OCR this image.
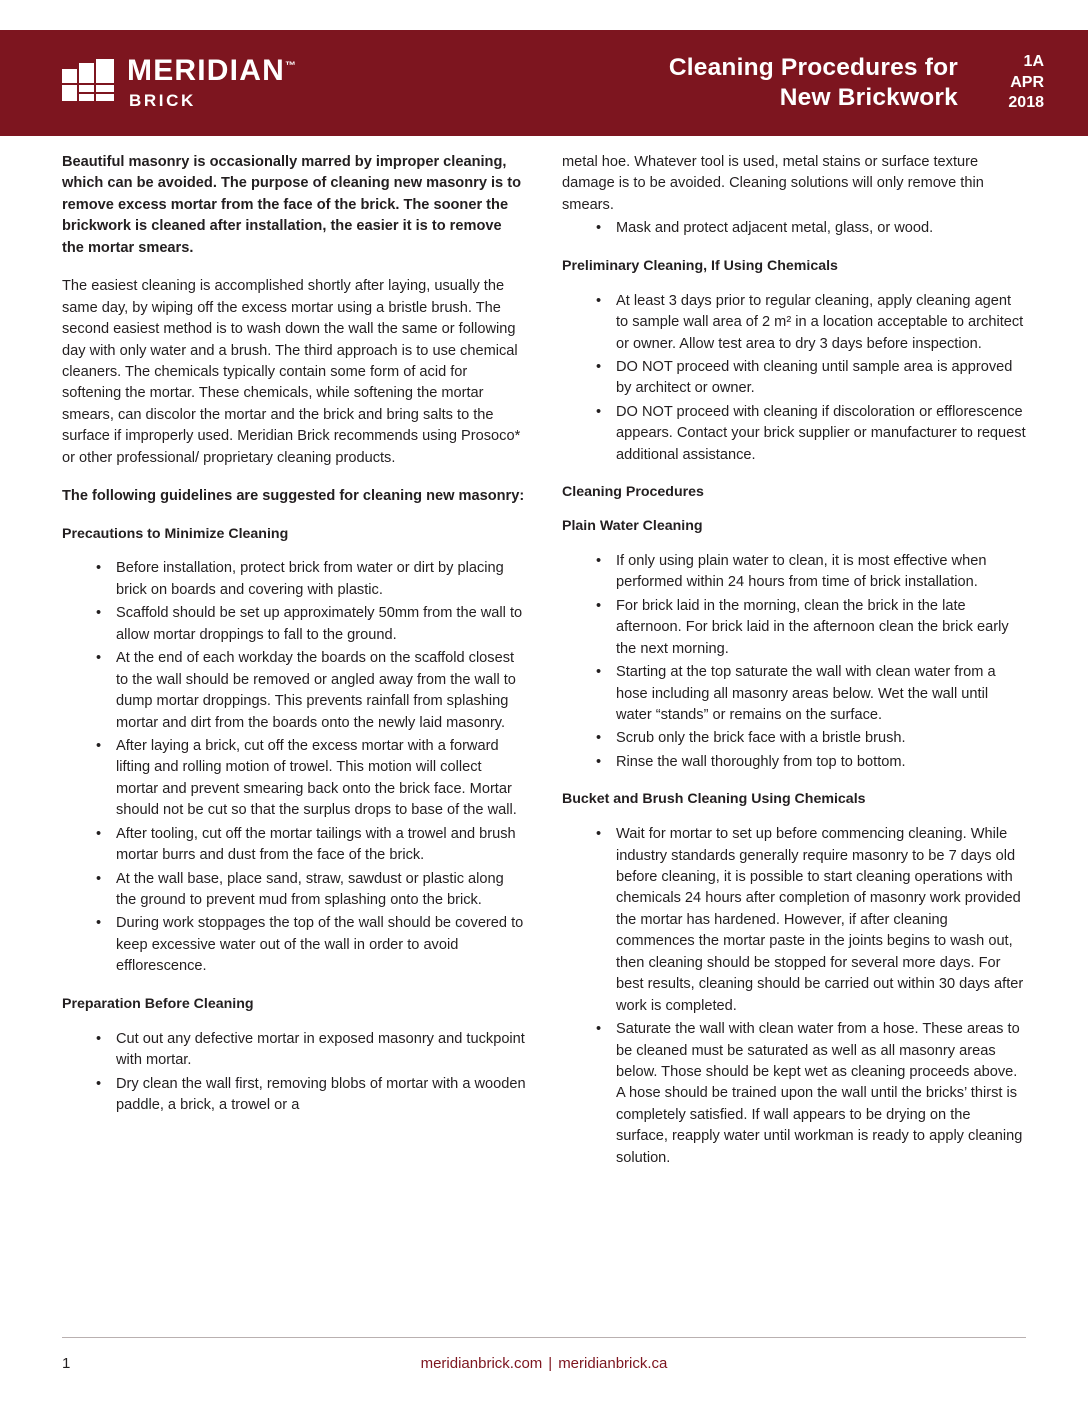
MERIDIAN™
BRICK
Cleaning Procedures for
New Brickwork
1A
APR
2018

Beautiful masonry is occasionally marred by improper cleaning, which can be avoided. The purpose of cleaning new masonry is to remove excess mortar from the face of the brick. The sooner the brickwork is cleaned after installation, the easier it is to remove the mortar smears.

The easiest cleaning is accomplished shortly after laying, usually the same day, by wiping off the excess mortar using a bristle brush. The second easiest method is to wash down the wall the same or following day with only water and a brush. The third approach is to use chemical cleaners. The chemicals typically contain some form of acid for softening the mortar. These chemicals, while softening the mortar smears, can discolor the mortar and the brick and bring salts to the surface if improperly used. Meridian Brick recommends using Prosoco* or other professional/ proprietary cleaning products.

The following guidelines are suggested for cleaning new masonry:

Precautions to Minimize Cleaning

• Before installation, protect brick from water or dirt by placing brick on boards and covering with plastic.
• Scaffold should be set up approximately 50mm from the wall to allow mortar droppings to fall to the ground.
• At the end of each workday the boards on the scaffold closest to the wall should be removed or angled away from the wall to dump mortar droppings. This prevents rainfall from splashing mortar and dirt from the boards onto the newly laid masonry.
• After laying a brick, cut off the excess mortar with a forward lifting and rolling motion of trowel. This motion will collect mortar and prevent smearing back onto the brick face. Mortar should not be cut so that the surplus drops to base of the wall.
• After tooling, cut off the mortar tailings with a trowel and brush mortar burrs and dust from the face of the brick.
• At the wall base, place sand, straw, sawdust or plastic along the ground to prevent mud from splashing onto the brick.
• During work stoppages the top of the wall should be covered to keep excessive water out of the wall in order to avoid efflorescence.

Preparation Before Cleaning

• Cut out any defective mortar in exposed masonry and tuckpoint with mortar.
• Dry clean the wall first, removing blobs of mortar with a wooden paddle, a brick, a trowel or a

metal hoe. Whatever tool is used, metal stains or surface texture damage is to be avoided. Cleaning solutions will only remove thin smears.

• Mask and protect adjacent metal, glass, or wood.

Preliminary Cleaning, If Using Chemicals

• At least 3 days prior to regular cleaning, apply cleaning agent to sample wall area of 2 m² in a location acceptable to architect or owner. Allow test area to dry 3 days before inspection.
• DO NOT proceed with cleaning until sample area is approved by architect or owner.
• DO NOT proceed with cleaning if discoloration or efflorescence appears. Contact your brick supplier or manufacturer to request additional assistance.

Cleaning Procedures

Plain Water Cleaning

• If only using plain water to clean, it is most effective when performed within 24 hours from time of brick installation.
• For brick laid in the morning, clean the brick in the late afternoon. For brick laid in the afternoon clean the brick early the next morning.
• Starting at the top saturate the wall with clean water from a hose including all masonry areas below. Wet the wall until water “stands” or remains on the surface.
• Scrub only the brick face with a bristle brush.
• Rinse the wall thoroughly from top to bottom.

Bucket and Brush Cleaning Using Chemicals

• Wait for mortar to set up before commencing cleaning. While industry standards generally require masonry to be 7 days old before cleaning, it is possible to start cleaning operations with chemicals 24 hours after completion of masonry work provided the mortar has hardened. However, if after cleaning commences the mortar paste in the joints begins to wash out, then cleaning should be stopped for several more days. For best results, cleaning should be carried out within 30 days after work is completed.
• Saturate the wall with clean water from a hose. These areas to be cleaned must be saturated as well as all masonry areas below. Those should be kept wet as cleaning proceeds above. A hose should be trained upon the wall until the bricks’ thirst is completely satisfied. If wall appears to be drying on the surface, reapply water until workman is ready to apply cleaning solution.
1	meridianbrick.com | meridianbrick.ca
